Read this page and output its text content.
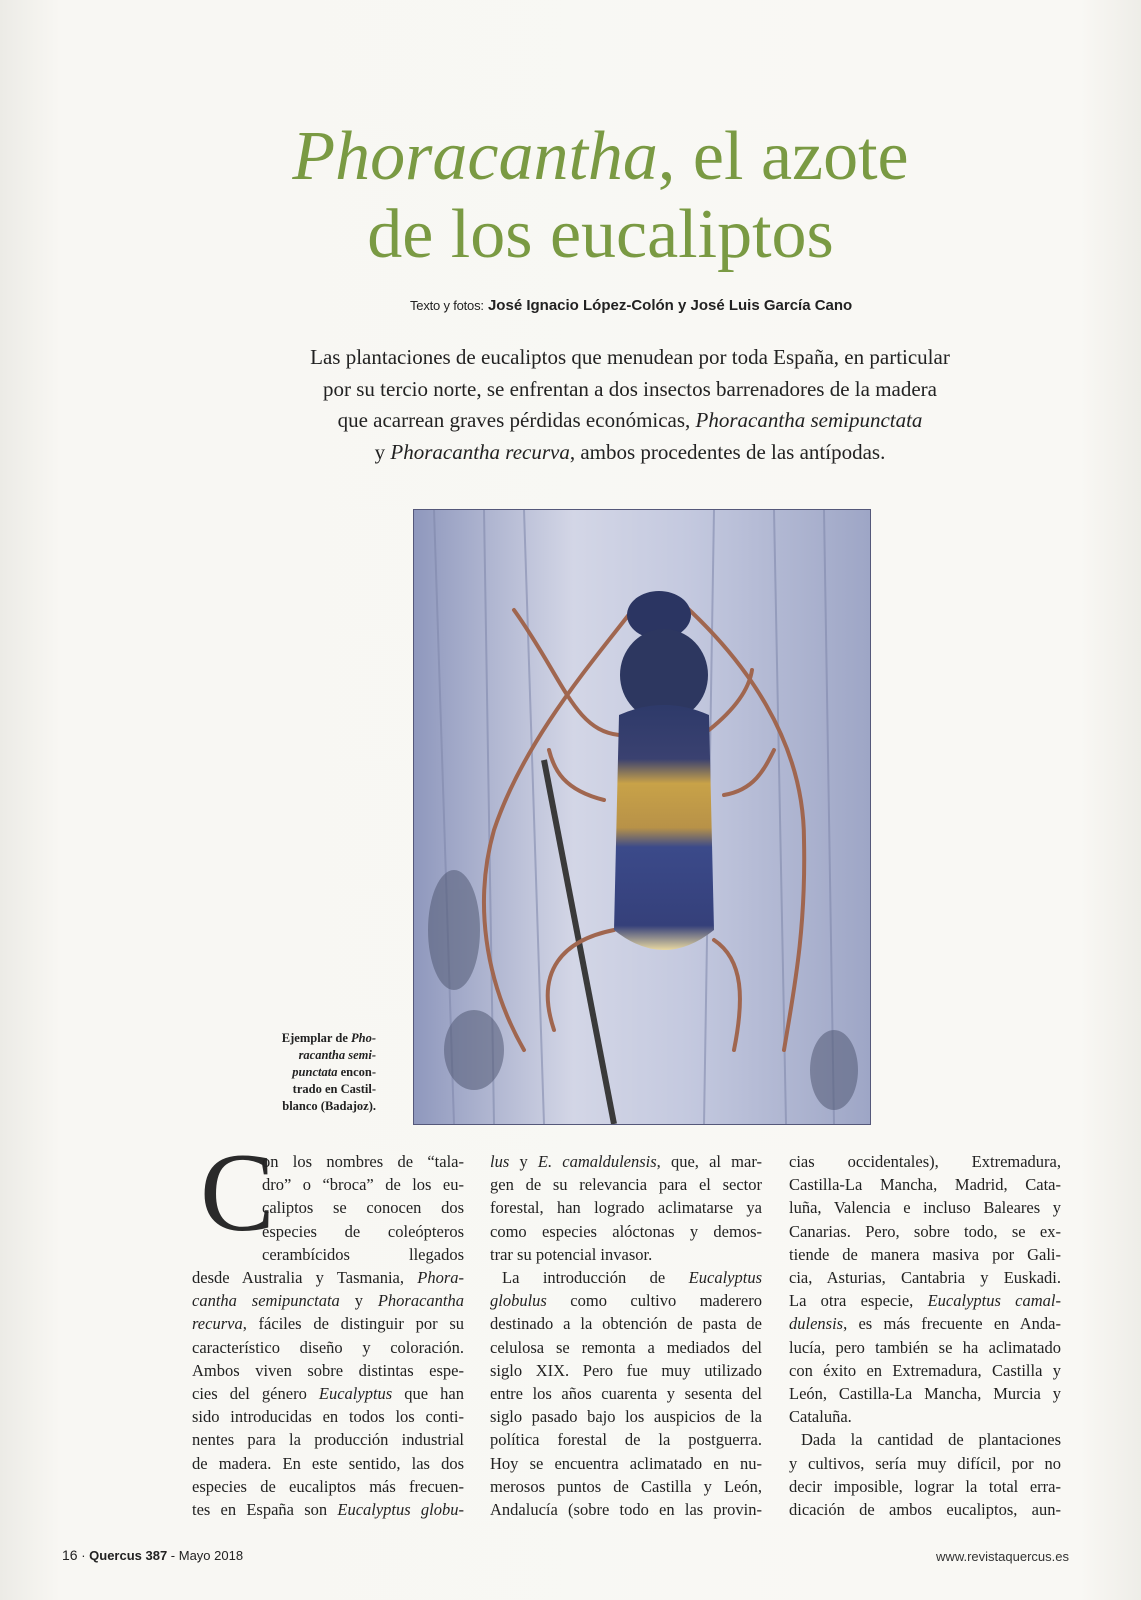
Phoracantha, el azote
de los eucaliptos
Texto y fotos: José Ignacio López-Colón y José Luis García Cano
Las plantaciones de eucaliptos que menudean por toda España, en particular
por su tercio norte, se enfrentan a dos insectos barrenadores de la madera
que acarrean graves pérdidas económicas, Phoracantha semipunctata
y Phoracantha recurva, ambos procedentes de las antípodas.
Ejemplar de Pho-
racantha semi-
punctata encon-
trado en Castil-
blanco (Badajoz).
C
on los nombres de “tala-
dro” o “broca” de los eu-
caliptos se conocen dos
especies de coleópteros
cerambícidos llegados
desde Australia y Tasmania, Phora-
cantha semipunctata y Phoracantha
recurva, fáciles de distinguir por su
característico diseño y coloración.
Ambos viven sobre distintas espe-
cies del género Eucalyptus que han
sido introducidas en todos los conti-
nentes para la producción industrial
de madera. En este sentido, las dos
especies de eucaliptos más frecuen-
tes en España son Eucalyptus globu-
lus y E. camaldulensis, que, al mar-
gen de su relevancia para el sector
forestal, han logrado aclimatarse ya
como especies alóctonas y demos-
trar su potencial invasor.
La introducción de Eucalyptus
globulus como cultivo maderero
destinado a la obtención de pasta de
celulosa se remonta a mediados del
siglo XIX. Pero fue muy utilizado
entre los años cuarenta y sesenta del
siglo pasado bajo los auspicios de la
política forestal de la postguerra.
Hoy se encuentra aclimatado en nu-
merosos puntos de Castilla y León,
Andalucía (sobre todo en las provin-
cias occidentales), Extremadura,
Castilla-La Mancha, Madrid, Cata-
luña, Valencia e incluso Baleares y
Canarias. Pero, sobre todo, se ex-
tiende de manera masiva por Gali-
cia, Asturias, Cantabria y Euskadi.
La otra especie, Eucalyptus camal-
dulensis, es más frecuente en Anda-
lucía, pero también se ha aclimatado
con éxito en Extremadura, Castilla y
León, Castilla-La Mancha, Murcia y
Cataluña.
Dada la cantidad de plantaciones
y cultivos, sería muy difícil, por no
decir imposible, lograr la total erra-
dicación de ambos eucaliptos, aun-
16 · Quercus 387 - Mayo 2018	www.revistaquercus.es
